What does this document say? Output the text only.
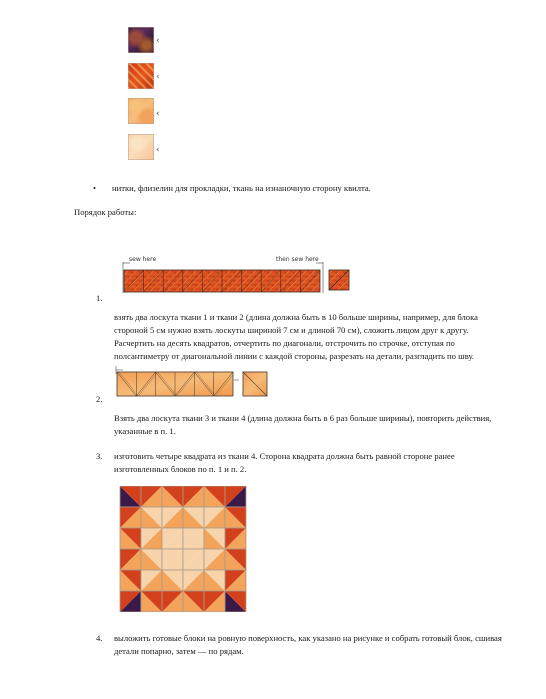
‹
‹
‹
‹
• нитки, флизелин для прокладки, ткань на изнаночную сторону квилта.
Порядок работы:
sew here	then sew here
1.
взять два лоскута ткани 1 и ткани 2 (длина должна быть в 10 больше ширины, например, для блока стороной 5 см нужно взять лоскуты шириной 7 см и длиной 70 см), сложить лицом друг к другу. Расчертить на десять квадратов, отчертить по диагонали, отстрочить по строчке, отступая по полсантиметру от диагональной линии с каждой стороны, разрезать на детали, разгладить по шву.
2.
Взять два лоскута ткани 3 и ткани 4 (длина должна быть в 6 раз больше ширины), повторить действия, указанные в п. 1.
3. изготовить четыре квадрата из ткани 4. Сторона квадрата должна быть равной стороне ранее изготовленных блоков по п. 1 и п. 2.
4. выложить готовые блоки на ровную поверхность, как указано на рисунке и собрать готовый блок, сшивая детали попарно, затем — по рядам.
